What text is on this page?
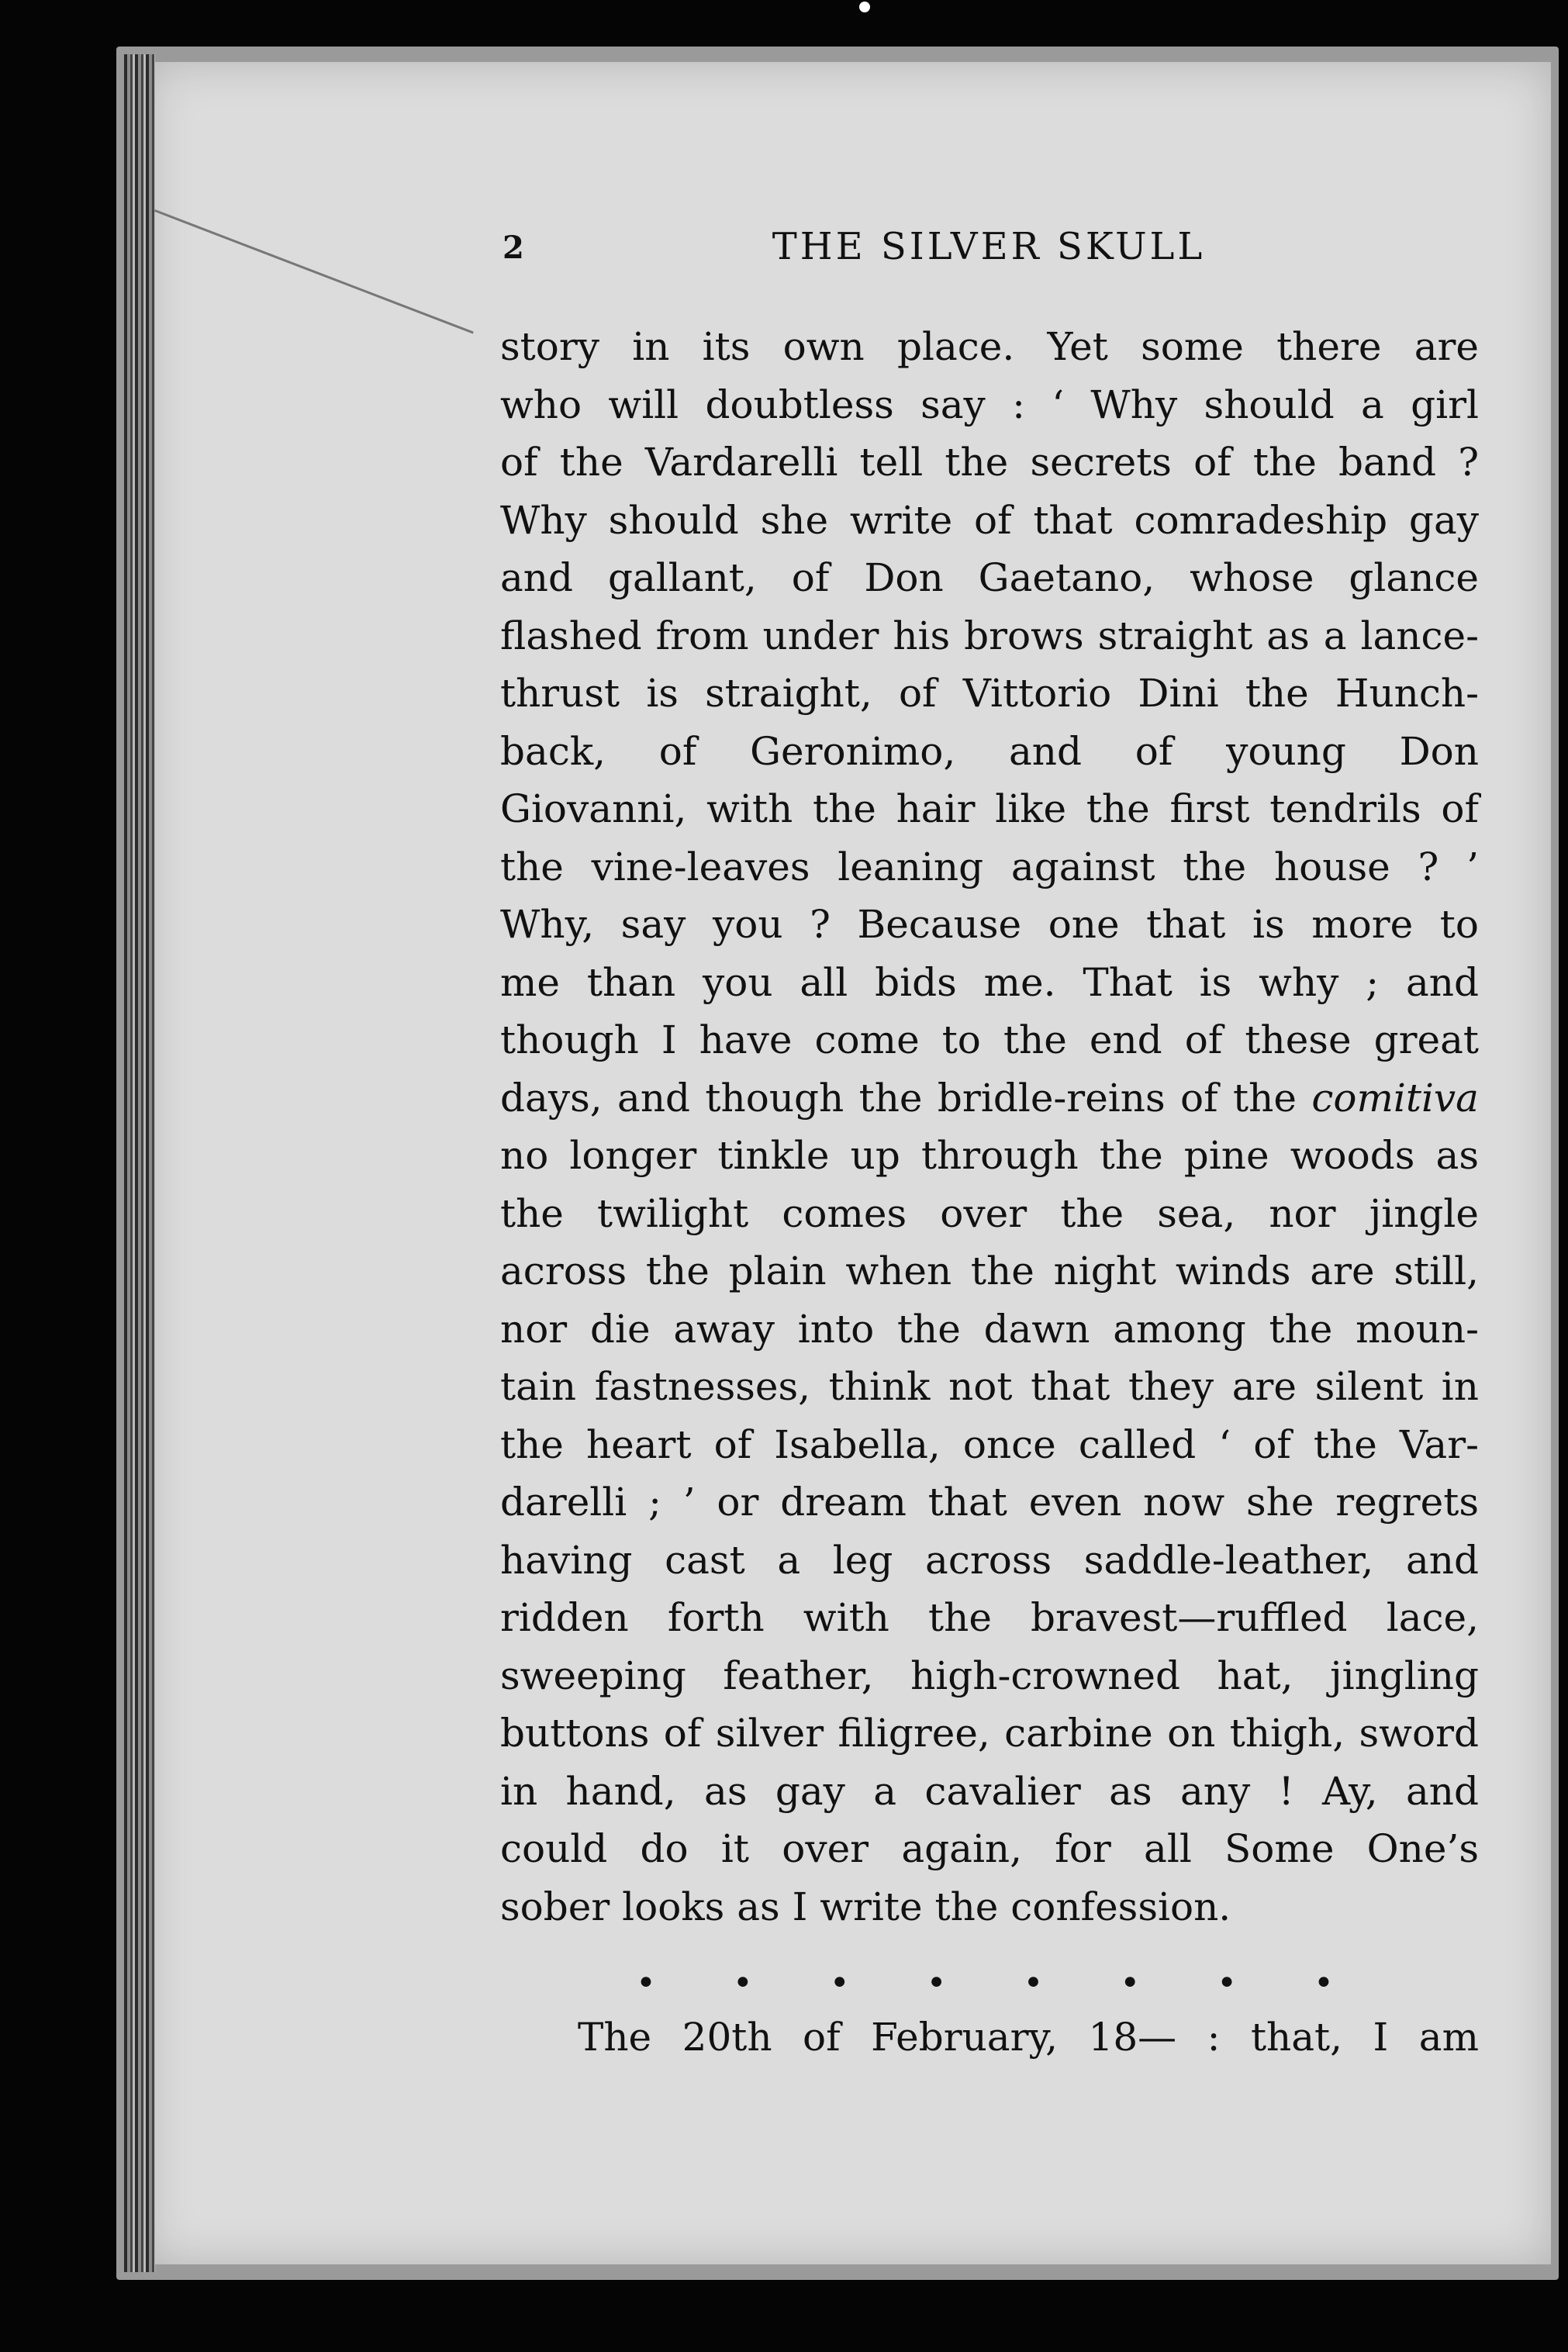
2	THE SILVER SKULL
story in its own place. Yet some there are
who will doubtless say : ‘ Why should a girl
of the Vardarelli tell the secrets of the band ?
Why should she write of that comradeship gay
and gallant, of Don Gaetano, whose glance
flashed from under his brows straight as a lance-
thrust is straight, of Vittorio Dini the Hunch-
back, of Geronimo, and of young Don
Giovanni, with the hair like the first tendrils of
the vine-leaves leaning against the house ? ’
Why, say you ? Because one that is more to
me than you all bids me. That is why ; and
though I have come to the end of these great
days, and though the bridle-reins of the comitiva
no longer tinkle up through the pine woods as
the twilight comes over the sea, nor jingle
across the plain when the night winds are still,
nor die away into the dawn among the moun-
tain fastnesses, think not that they are silent in
the heart of Isabella, once called ‘ of the Var-
darelli ; ’ or dream that even now she regrets
having cast a leg across saddle-leather, and
ridden forth with the bravest—ruffled lace,
sweeping feather, high-crowned hat, jingling
buttons of silver filigree, carbine on thigh, sword
in hand, as gay a cavalier as any ! Ay, and
could do it over again, for all Some One’s
sober looks as I write the confession.
• • • • • • • •
The 20th of February, 18— : that, I am
